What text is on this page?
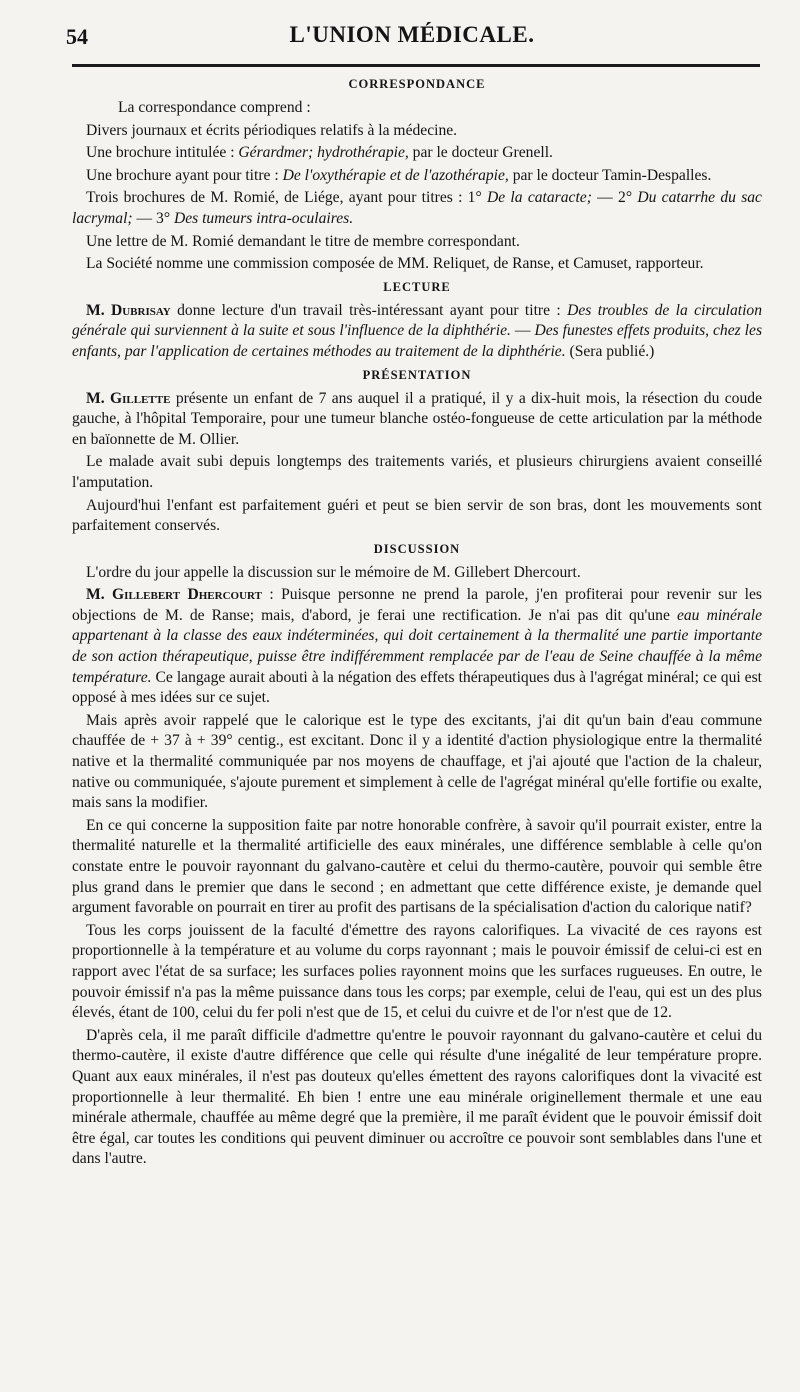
54	L'UNION MÉDICALE.
CORRESPONDANCE

La correspondance comprend :

Divers journaux et écrits périodiques relatifs à la médecine.

Une brochure intitulée : Gérardmer; hydrothérapie, par le docteur Grenell.

Une brochure ayant pour titre : De l'oxythérapie et de l'azothérapie, par le docteur Tamin-Despalles.

Trois brochures de M. Romié, de Liége, ayant pour titres : 1° De la cataracte; — 2° Du catarrhe du sac lacrymal; — 3° Des tumeurs intra-oculaires.

Une lettre de M. Romié demandant le titre de membre correspondant.

La Société nomme une commission composée de MM. Reliquet, de Ranse, et Camuset, rapporteur.

LECTURE

M. Dubrisay donne lecture d'un travail très-intéressant ayant pour titre : Des troubles de la circulation générale qui surviennent à la suite et sous l'influence de la diphthérie. — Des funestes effets produits, chez les enfants, par l'application de certaines méthodes au traitement de la diphthérie. (Sera publié.)

PRÉSENTATION

M. Gillette présente un enfant de 7 ans auquel il a pratiqué, il y a dix-huit mois, la résection du coude gauche, à l'hôpital Temporaire, pour une tumeur blanche ostéo-fongueuse de cette articulation par la méthode en baïonnette de M. Ollier.

Le malade avait subi depuis longtemps des traitements variés, et plusieurs chirurgiens avaient conseillé l'amputation.

Aujourd'hui l'enfant est parfaitement guéri et peut se bien servir de son bras, dont les mouvements sont parfaitement conservés.

DISCUSSION

L'ordre du jour appelle la discussion sur le mémoire de M. Gillebert Dhercourt.

M. Gillebert Dhercourt : Puisque personne ne prend la parole, j'en profiterai pour revenir sur les objections de M. de Ranse; mais, d'abord, je ferai une rectification. Je n'ai pas dit qu'une eau minérale appartenant à la classe des eaux indéterminées, qui doit certainement à la thermalité une partie importante de son action thérapeutique, puisse être indifféremment remplacée par de l'eau de Seine chauffée à la même température. Ce langage aurait abouti à la négation des effets thérapeutiques dus à l'agrégat minéral; ce qui est opposé à mes idées sur ce sujet.

Mais après avoir rappelé que le calorique est le type des excitants, j'ai dit qu'un bain d'eau commune chauffée de + 37 à + 39° centig., est excitant. Donc il y a identité d'action physiologique entre la thermalité native et la thermalité communiquée par nos moyens de chauffage, et j'ai ajouté que l'action de la chaleur, native ou communiquée, s'ajoute purement et simplement à celle de l'agrégat minéral qu'elle fortifie ou exalte, mais sans la modifier.

En ce qui concerne la supposition faite par notre honorable confrère, à savoir qu'il pourrait exister, entre la thermalité naturelle et la thermalité artificielle des eaux minérales, une différence semblable à celle qu'on constate entre le pouvoir rayonnant du galvano-cautère et celui du thermo-cautère, pouvoir qui semble être plus grand dans le premier que dans le second ; en admettant que cette différence existe, je demande quel argument favorable on pourrait en tirer au profit des partisans de la spécialisation d'action du calorique natif?

Tous les corps jouissent de la faculté d'émettre des rayons calorifiques. La vivacité de ces rayons est proportionnelle à la température et au volume du corps rayonnant ; mais le pouvoir émissif de celui-ci est en rapport avec l'état de sa surface; les surfaces polies rayonnent moins que les surfaces rugueuses. En outre, le pouvoir émissif n'a pas la même puissance dans tous les corps; par exemple, celui de l'eau, qui est un des plus élevés, étant de 100, celui du fer poli n'est que de 15, et celui du cuivre et de l'or n'est que de 12.

D'après cela, il me paraît difficile d'admettre qu'entre le pouvoir rayonnant du galvano-cautère et celui du thermo-cautère, il existe d'autre différence que celle qui résulte d'une inégalité de leur température propre. Quant aux eaux minérales, il n'est pas douteux qu'elles émettent des rayons calorifiques dont la vivacité est proportionnelle à leur thermalité. Eh bien ! entre une eau minérale originellement thermale et une eau minérale athermale, chauffée au même degré que la première, il me paraît évident que le pouvoir émissif doit être égal, car toutes les conditions qui peuvent diminuer ou accroître ce pouvoir sont semblables dans l'une et dans l'autre.
